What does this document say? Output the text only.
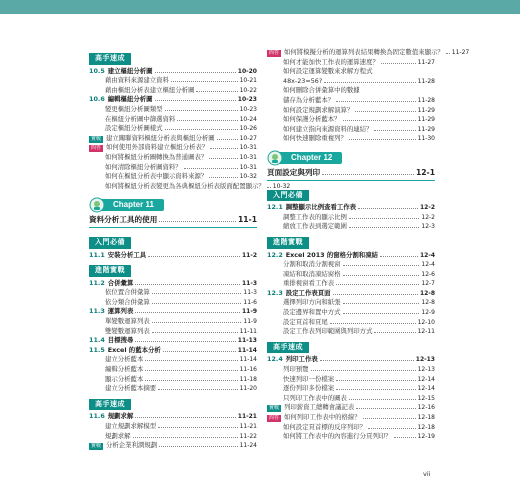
高手速成
10.5 建立樞紐分析圖	10-20
藉由資料來源建立資料	10-21
藉由樞紐分析表建立樞紐分析圖	10-22
10.6 編輯樞紐分析圖	10-23
變更樞紐分析圖類型	10-23
在樞紐分析圖中篩選資料	10-24
設定樞紐分析圖樣式	10-26
實戰 建立關聯資料樞紐分析表與樞紐分析圖	10-27
問答 如何使用外部資料建立樞紐分析表？	10-31
如何將樞紐分析圖轉換為普通圖表？	10-31
如何清除樞紐分析圖資料？	10-31
如何在樞紐分析表中顯示資料來源？	10-32
如何將樞紐分析表變更為各典樞紐分析表版面配置顯示？ 10-32
Chapter 11
資料分析工具的使用	11-1
入門必備
11.1 安裝分析工具	11-2
進階實戰
11.2 合併彙算	11-3
依位置合併彙算	11-3
依分類合併彙算	11-6
11.3 運算列表	11-9
單變數運算列表	11-9
雙變數運算列表	11-11
11.4 目標搜尋	11-13
11.5 Excel 的藍本分析	11-14
建立分析藍本	11-14
編輯分析藍本	11-16
顯示分析藍本	11-18
建立分析藍本摘要	11-20
高手速成
11.6 規劃求解	11-21
建立規劃求解模型	11-21
規劃求解	11-22
實戰 分析企業利潤規劃	11-24
問答 如何將模擬分析的運算列表結果轉換為固定數值來顯示？ 11-27
如何才能加快工作表的運算速度？	11-27
如何設定運算變數來求解方程式
48x-23=56?	11-28
如何刪除合併彙算中的數據
儲存為分析藍本？	11-28
如何設定規劃求解演算？	11-29
如何保護分析藍本？	11-29
如何建立指向來源資料的連結？	11-29
如何快速刪除重複列？	11-30
Chapter 12
頁面設定與列印	12-1
入門必備
12.1 調整顯示比例查看工作表	12-2
調整工作表的顯示比例	12-2
縮放工作表到選定範圍	12-3
進階實戰
12.2 Excel 2013 的窗格分割和凍結	12-4
分割和取消分割視窗	12-4
凍結和取消凍結窗格	12-6
重排視窗看工作表	12-7
12.3 設定工作表頁面	12-8
選擇列印方向和紙張	12-8
設定邊界和置中方式	12-9
設定頁首和頁尾	12-10
設定工作表列印範圍與列印方式	12-11
高手速成
12.4 列印工作表	12-13
列印預覽	12-13
快速列印一份檔案	12-14
逐份列印多份檔案	12-14
只列印工作表中的圖表	12-15
實戰 列印薪資工總轉會議記表	12-16
問答 如何列印工作表中的格線？	12-18
如何設定頁首標的反序列印？	12-18
如何將工作表中的內容進行分頁列印？	12-19
vii
